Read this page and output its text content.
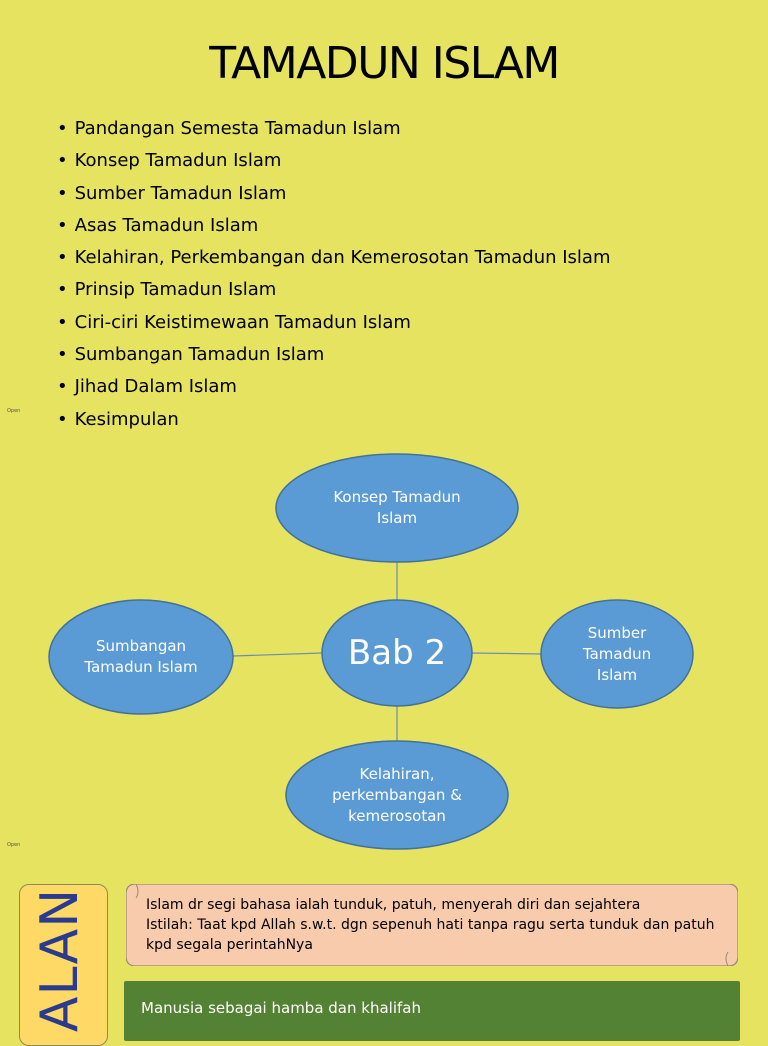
TAMADUN ISLAM
• Pandangan Semesta Tamadun Islam
• Konsep Tamadun Islam
• Sumber Tamadun Islam
• Asas Tamadun Islam
• Kelahiran, Perkembangan dan Kemerosotan Tamadun Islam
• Prinsip Tamadun Islam
• Ciri-ciri Keistimewaan Tamadun Islam
• Sumbangan Tamadun Islam
• Jihad Dalam Islam
• Kesimpulan
Open
Open
Konsep Tamadun
Islam
Sumbangan
Tamadun Islam	Bab 2
Sumber
Tamadun
Islam
Kelahiran,
perkembangan &
kemerosotan
ALAN	Islam dr segi bahasa ialah tunduk, patuh, menyerah diri dan sejahtera
Istilah: Taat kpd Allah s.w.t. dgn sepenuh hati tanpa ragu serta tunduk dan patuh kpd segala perintahNya
Manusia sebagai hamba dan khalifah
